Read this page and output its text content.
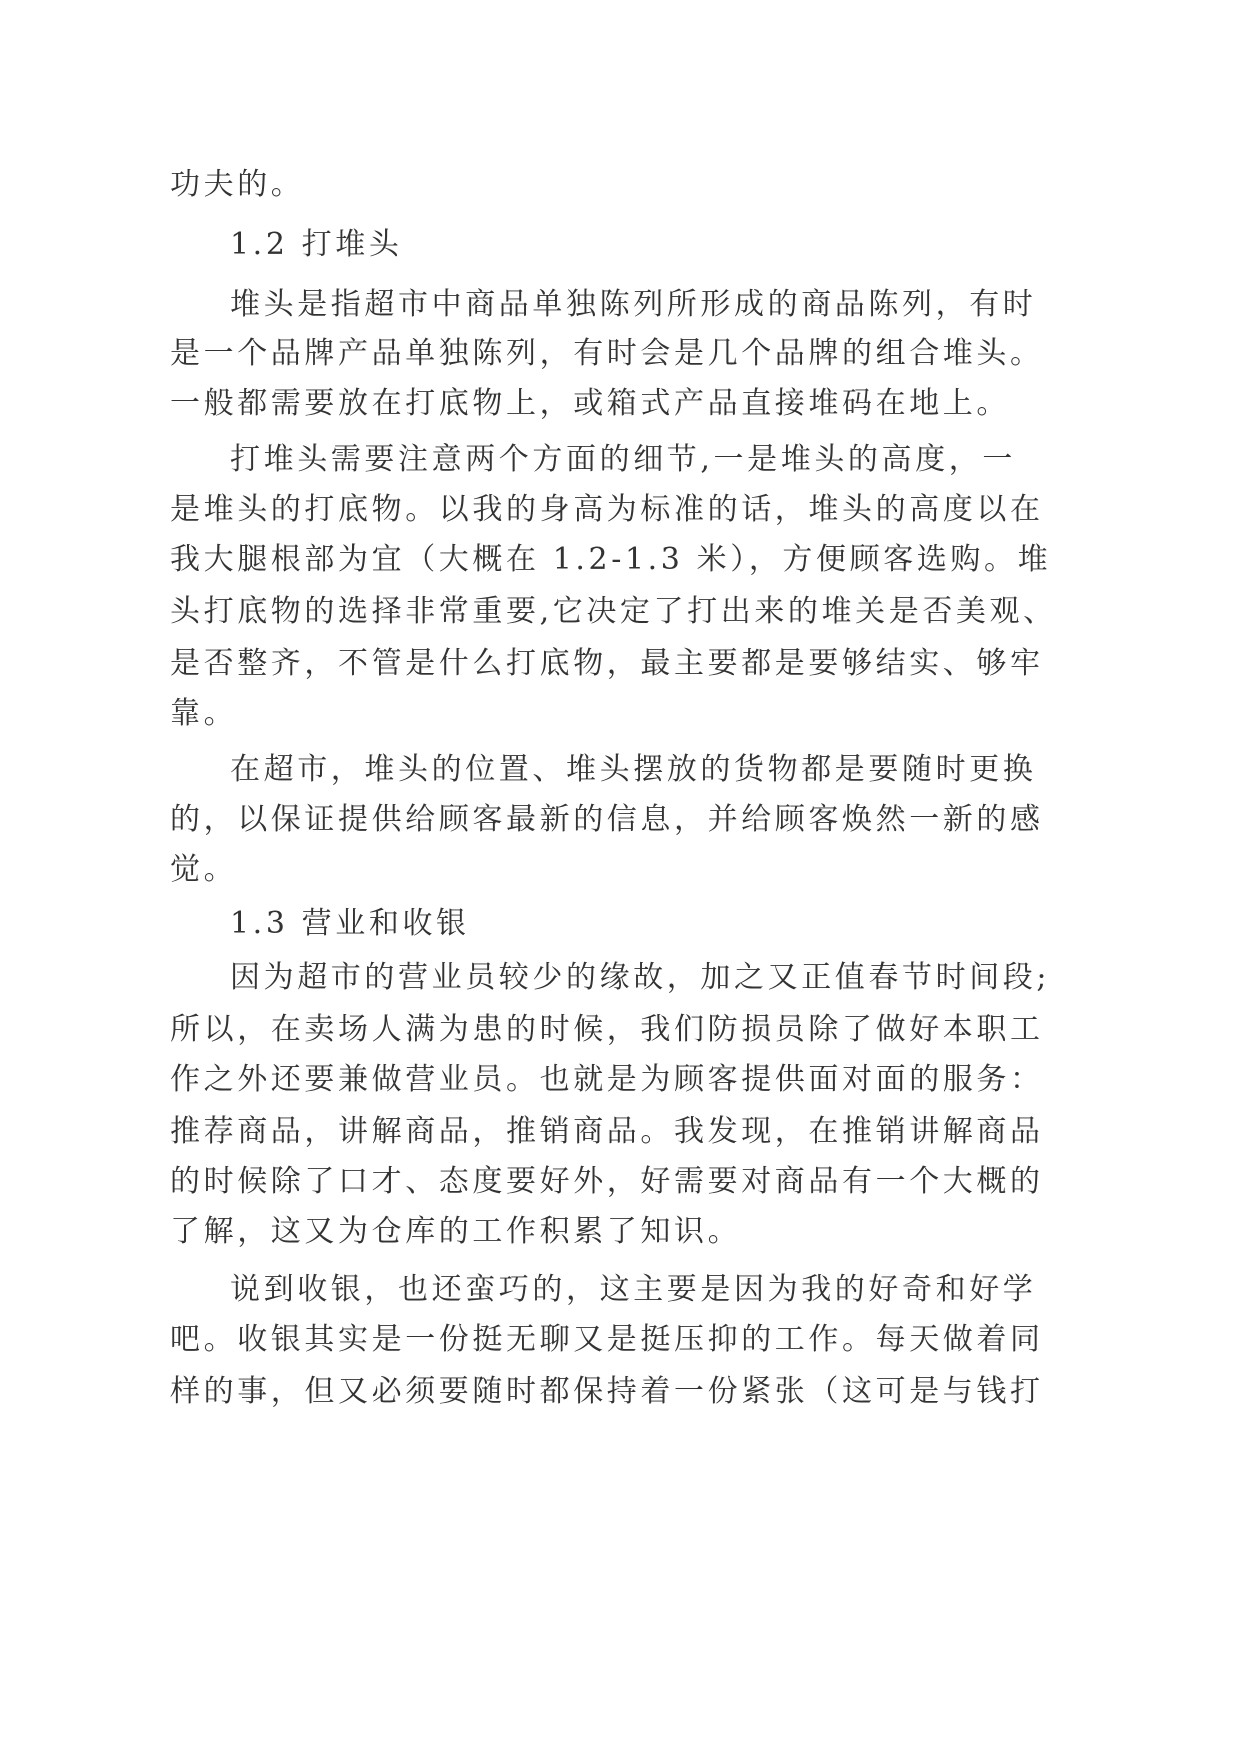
功夫的。
1.2 打堆头
堆头是指超市中商品单独陈列所形成的商品陈列，有时
是一个品牌产品单独陈列，有时会是几个品牌的组合堆头。
一般都需要放在打底物上，或箱式产品直接堆码在地上。
打堆头需要注意两个方面的细节,一是堆头的高度，一
是堆头的打底物。以我的身高为标准的话，堆头的高度以在
我大腿根部为宜（大概在 1.2-1.3 米），方便顾客选购。堆
头打底物的选择非常重要,它决定了打出来的堆关是否美观、
是否整齐，不管是什么打底物，最主要都是要够结实、够牢
靠。
在超市，堆头的位置、堆头摆放的货物都是要随时更换
的，以保证提供给顾客最新的信息，并给顾客焕然一新的感
觉。
1.3 营业和收银
因为超市的营业员较少的缘故，加之又正值春节时间段;
所以，在卖场人满为患的时候，我们防损员除了做好本职工
作之外还要兼做营业员。也就是为顾客提供面对面的服务：
推荐商品，讲解商品，推销商品。我发现，在推销讲解商品
的时候除了口才、态度要好外，好需要对商品有一个大概的
了解，这又为仓库的工作积累了知识。
说到收银，也还蛮巧的，这主要是因为我的好奇和好学
吧。收银其实是一份挺无聊又是挺压抑的工作。每天做着同
样的事，但又必须要随时都保持着一份紧张（这可是与钱打
